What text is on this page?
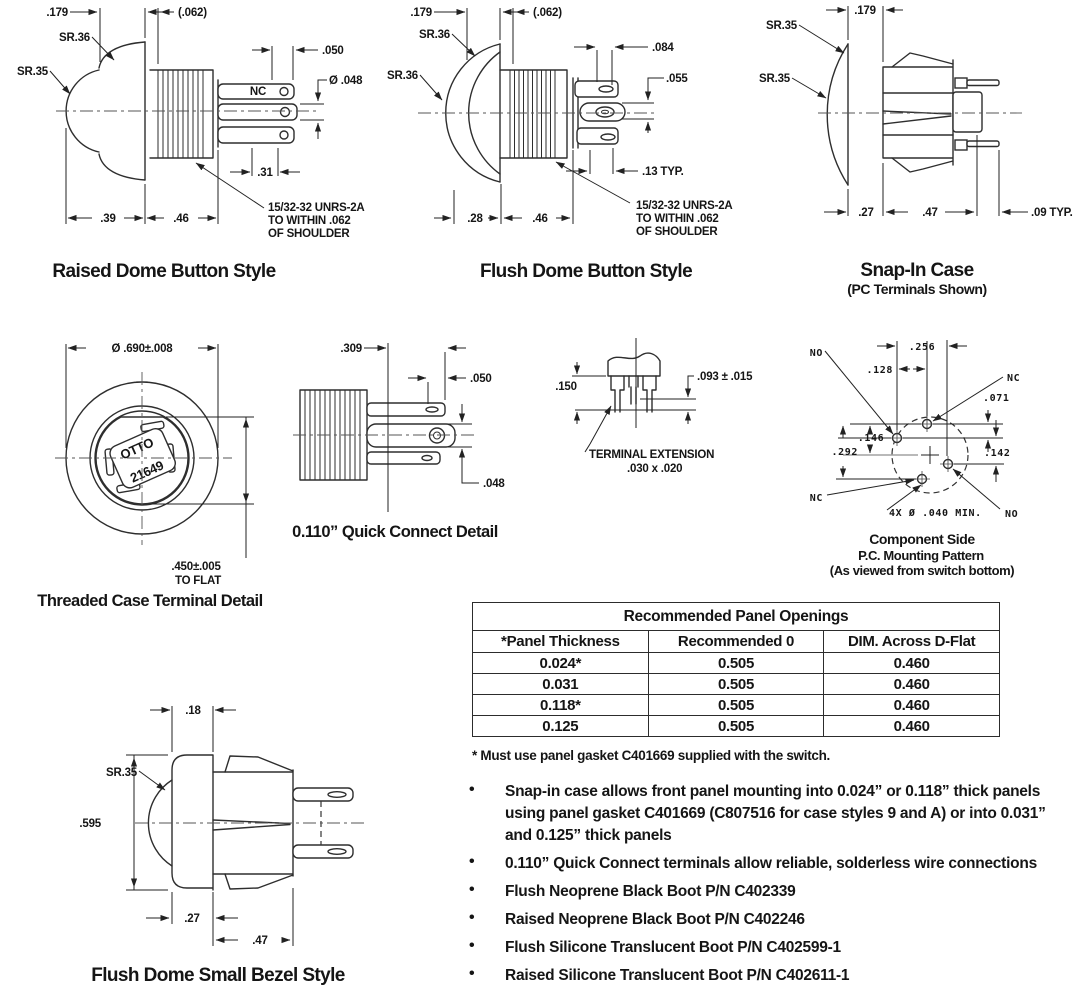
.179	(.062)
SR.36
SR.35
.050
Ø .048
NC
.31
.39	.46
15/32-32 UNRS-2A
TO WITHIN .062
OF SHOULDER
Raised Dome Button Style
.179	(.062)
SR.36
SR.36
.084
.055
.13 TYP.
.28	.46
15/32-32 UNRS-2A
TO WITHIN .062
OF SHOULDER
Flush Dome Button Style
.179
SR.35
SR.35
.27	.47	.09 TYP.
Snap-In Case
(PC Terminals Shown)
OTTO
21649
Ø .690±.008
.450±.005
TO FLAT
Threaded Case Terminal Detail
.309
.050
.048
0.110” Quick Connect Detail
.150
.093 ± .015
TERMINAL EXTENSION
.030 x .020
NO
NC
NC
NO
.256
.128
.071
.146
.292	.142
4X Ø .040 MIN.
Component Side
P.C. Mounting Pattern
(As viewed from switch bottom)
.18
SR.35
.595
.27
.47
Flush Dome Small Bezel Style
Recommended Panel Openings		
*Panel Thickness	Recommended 0	DIM. Across D-Flat
0.024*	0.505	0.460
0.031	0.505	0.460
0.118*	0.505	0.460
0.125	0.505	0.460
* Must use panel gasket C401669 supplied with the switch.
•	Snap-in case allows front panel mounting into 0.024” or 0.118” thick panels using panel gasket C401669 (C807516 for case styles 9 and A) or into 0.031” and 0.125” thick panels
•	0.110” Quick Connect terminals allow reliable, solderless wire connections
•	Flush Neoprene Black Boot P/N C402339
•	Raised Neoprene Black Boot P/N C402246
•	Flush Silicone Translucent Boot P/N C402599-1
•	Raised Silicone Translucent Boot P/N C402611-1
